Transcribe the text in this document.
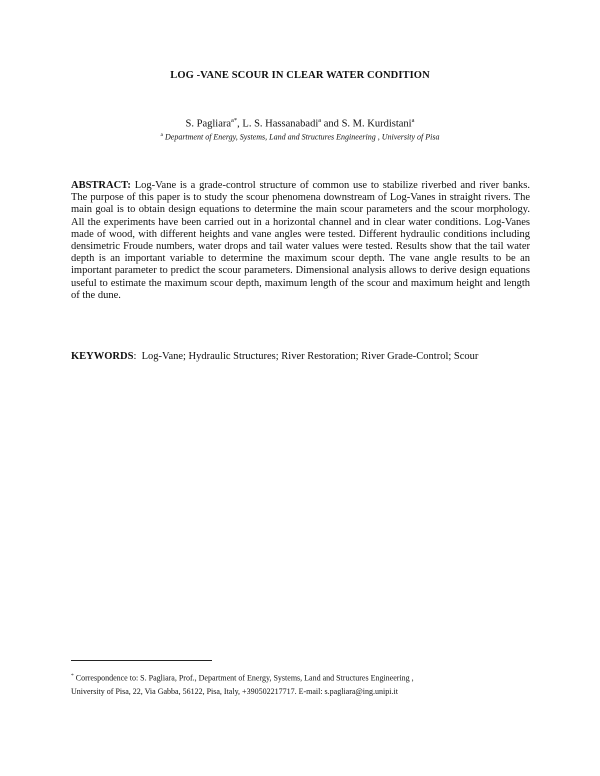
LOG -VANE SCOUR IN CLEAR WATER CONDITION
S. Pagliara$^{a*}$, L. S. Hassanabadi$^a$ and S. M. Kurdistani$^a$
$^a$ Department of Energy, Systems, Land and Structures Engineering , University of Pisa
ABSTRACT: Log-Vane is a grade-control structure of common use to stabilize riverbed and river banks. The purpose of this paper is to study the scour phenomena downstream of Log-Vanes in straight rivers. The main goal is to obtain design equations to determine the main scour parameters and the scour morphology. All the experiments have been carried out in a horizontal channel and in clear water conditions. Log-Vanes made of wood, with different heights and vane angles were tested. Different hydraulic conditions including densimetric Froude numbers, water drops and tail water values were tested. Results show that the tail water depth is an important variable to determine the maximum scour depth. The vane angle results to be an important parameter to predict the scour parameters. Dimensional analysis allows to derive design equations useful to estimate the maximum scour depth, maximum length of the scour and maximum height and length of the dune.
KEYWORDS:  Log-Vane; Hydraulic Structures; River Restoration; River Grade-Control; Scour
* Correspondence to: S. Pagliara, Prof., Department of Energy, Systems, Land and Structures Engineering ,
University of Pisa, 22, Via Gabba, 56122, Pisa, Italy, +390502217717. E-mail: s.pagliara@ing.unipi.it
